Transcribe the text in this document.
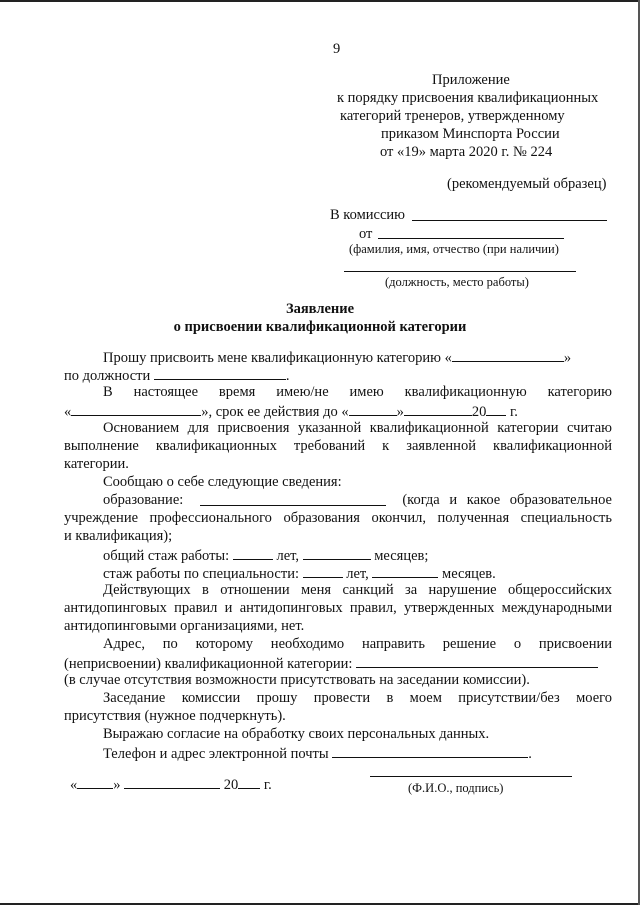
9
Приложение
к порядку присвоения квалификационных
категорий тренеров, утвержденному
приказом Минспорта России
от «19» марта 2020 г. № 224
(рекомендуемый образец)
В комиссию
от
(фамилия, имя, отчество (при наличии)
(должность, место работы)
Заявление
о присвоении квалификационной категории
Прошу присвоить мене квалификационную категорию «	»
по должности	.
В настоящее время имею/не имею квалификационную категорию
«	», срок ее действия до «	»	20 г.
Основанием для присвоения указанной квалификационной категории считаю
выполнение квалификационных требований к заявленной квалификационной
категории.
Сообщаю о себе следующие сведения:
образование:	(когда и какое образовательное
учреждение профессионального образования окончил, полученная специальность
и квалификация);
общий стаж работы:	лет,	месяцев;
стаж работы по специальности:	лет,	месяцев.
Действующих в отношении меня санкций за нарушение общероссийских
антидопинговых правил и антидопинговых правил, утвержденных международными
антидопинговыми организациями, нет.
Адрес, по которому необходимо направить решение о присвоении
(неприсвоении) квалификационной категории:
(в случае отсутствия возможности присутствовать на заседании комиссии).
Заседание комиссии прошу провести в моем присутствии/без моего
присутствия (нужное подчеркнуть).
Выражаю согласие на обработку своих персональных данных.
Телефон и адрес электронной почты	.
« »	20 г.	(Ф.И.О., подпись)
